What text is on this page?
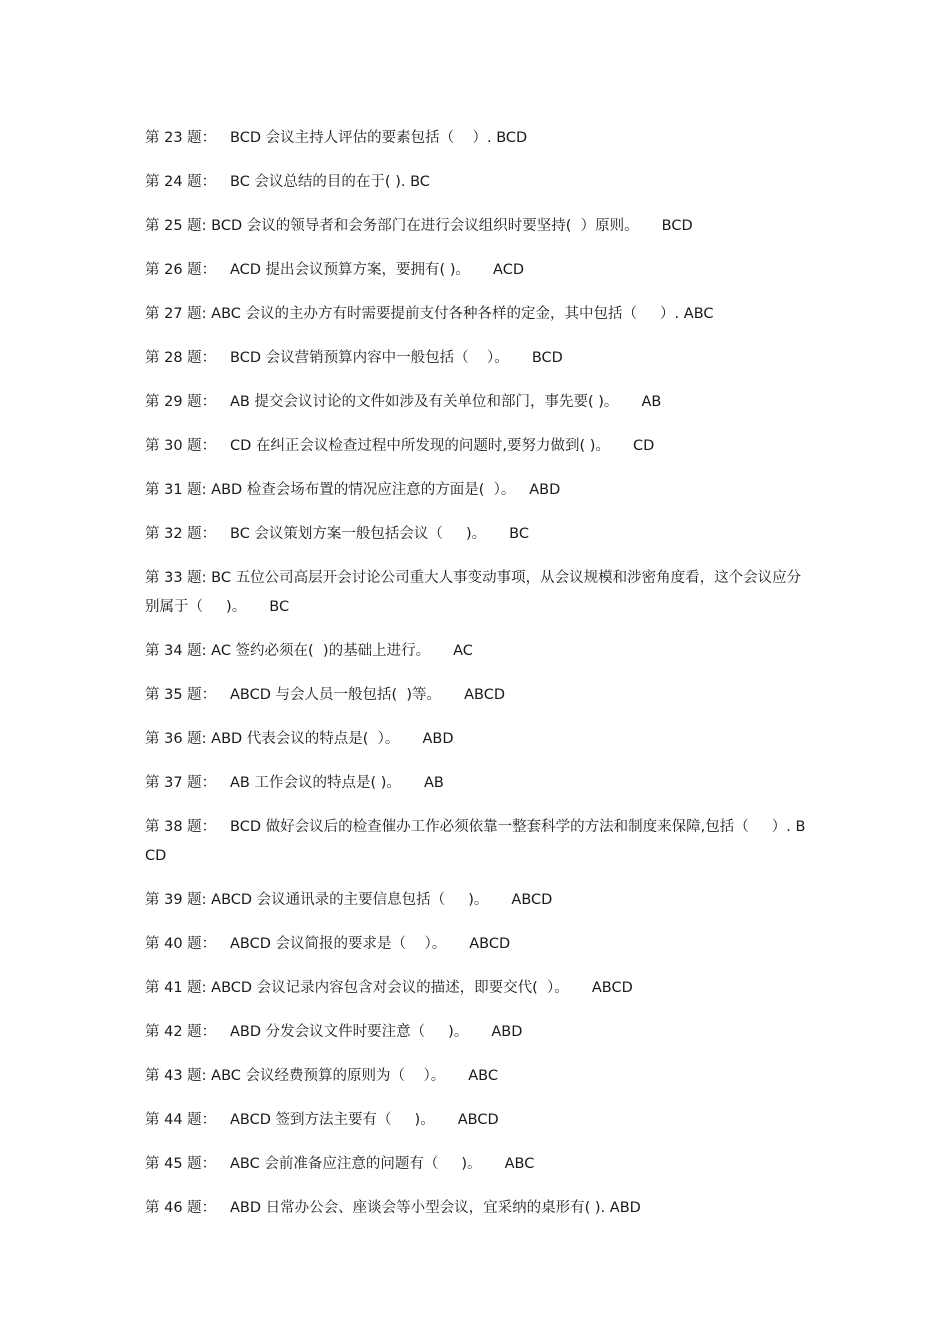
第 23 题：   BCD 会议主持人评估的要素包括（    ）. BCD

第 24 题：   BC 会议总结的目的在于( ). BC

第 25 题: BCD 会议的领导者和会务部门在进行会议组织时要坚持(  ）原则。     BCD

第 26 题：   ACD 提出会议预算方案，要拥有( )。     ACD

第 27 题: ABC 会议的主办方有时需要提前支付各种各样的定金，其中包括（     ）. ABC

第 28 题：   BCD 会议营销预算内容中一般包括（    ）。     BCD

第 29 题：   AB 提交会议讨论的文件如涉及有关单位和部门，事先要( )。     AB

第 30 题：   CD 在纠正会议检查过程中所发现的问题时,要努力做到( )。     CD

第 31 题: ABD 检查会场布置的情况应注意的方面是(  ）。   ABD

第 32 题：   BC 会议策划方案一般包括会议（     )。     BC

第 33 题: BC 五位公司高层开会讨论公司重大人事变动事项，从会议规模和涉密角度看，这个会议应分别属于（     )。     BC

第 34 题: AC 签约必须在(  )的基础上进行。     AC

第 35 题：   ABCD 与会人员一般包括(  )等。     ABCD

第 36 题: ABD 代表会议的特点是(  ）。     ABD

第 37 题：   AB 工作会议的特点是( )。     AB

第 38 题：   BCD 做好会议后的检查催办工作必须依靠一整套科学的方法和制度来保障,包括（     ）. BCD

第 39 题: ABCD 会议通讯录的主要信息包括（     )。     ABCD

第 40 题：   ABCD 会议简报的要求是（    ）。     ABCD

第 41 题: ABCD 会议记录内容包含对会议的描述，即要交代(  ）。     ABCD

第 42 题：   ABD 分发会议文件时要注意（     )。     ABD

第 43 题: ABC 会议经费预算的原则为（    ）。     ABC

第 44 题：   ABCD 签到方法主要有（     )。     ABCD

第 45 题：   ABC 会前准备应注意的问题有（     )。     ABC

第 46 题：   ABD 日常办公会、座谈会等小型会议，宜采纳的桌形有( ). ABD
